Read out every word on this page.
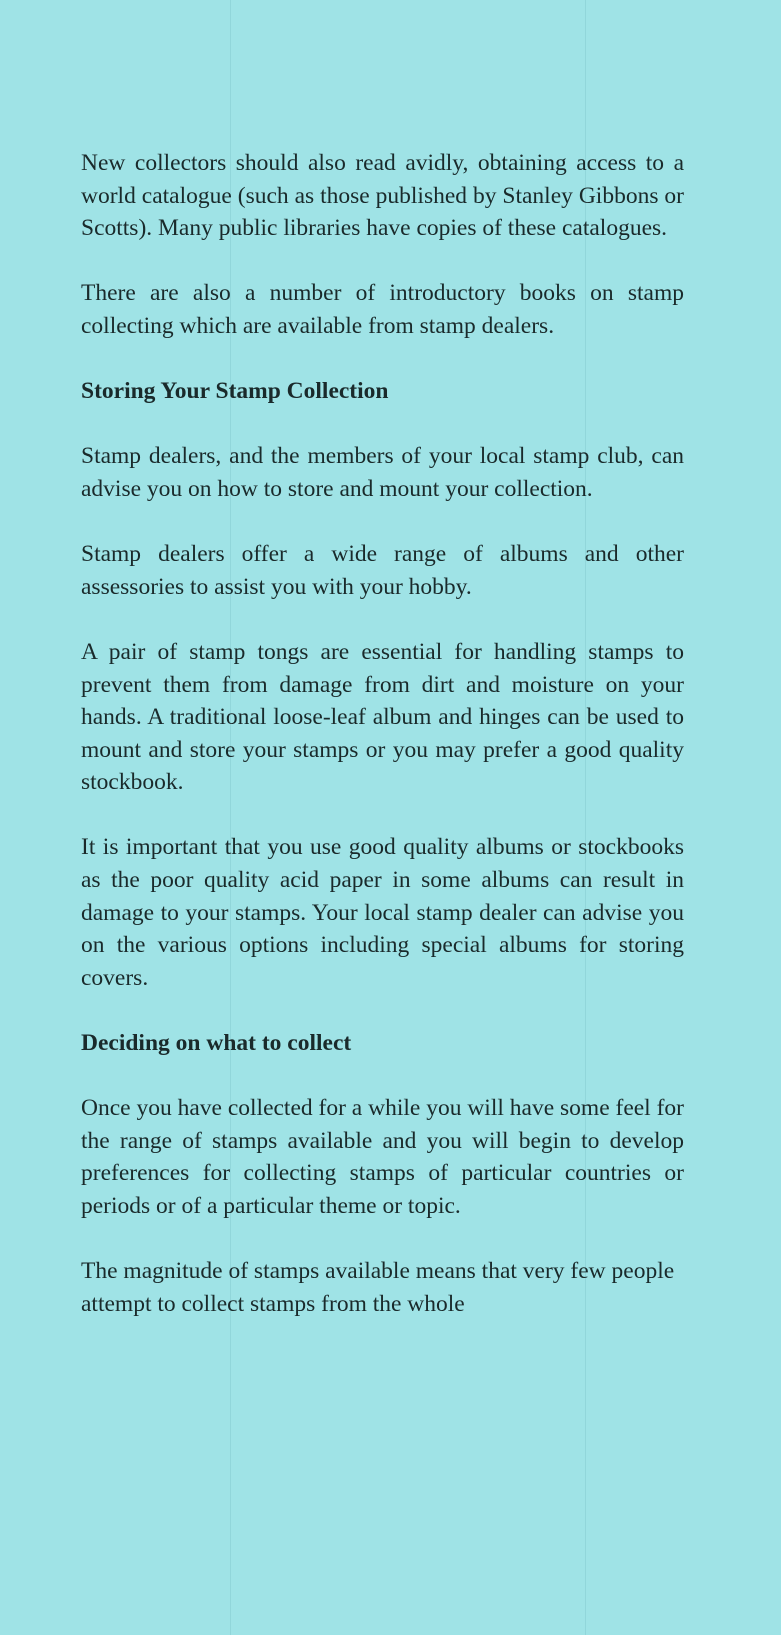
New collectors should also read avidly, obtaining access to a world catalogue (such as those published by Stanley Gibbons or Scotts). Many public libraries have copies of these catalogues.

There are also a number of introductory books on stamp collecting which are available from stamp dealers.

Storing Your Stamp Collection

Stamp dealers, and the members of your local stamp club, can advise you on how to store and mount your collection.

Stamp dealers offer a wide range of albums and other assessories to assist you with your hobby.

A pair of stamp tongs are essential for handling stamps to prevent them from damage from dirt and moisture on your hands. A traditional loose-leaf album and hinges can be used to mount and store your stamps or you may prefer a good quality stockbook.

It is important that you use good quality albums or stockbooks as the poor quality acid paper in some albums can result in damage to your stamps. Your local stamp dealer can advise you on the various options including special albums for storing covers.

Deciding on what to collect

Once you have collected for a while you will have some feel for the range of stamps available and you will begin to develop preferences for collecting stamps of particular countries or periods or of a particular theme or topic.

The magnitude of stamps available means that very few people attempt to collect stamps from the whole
